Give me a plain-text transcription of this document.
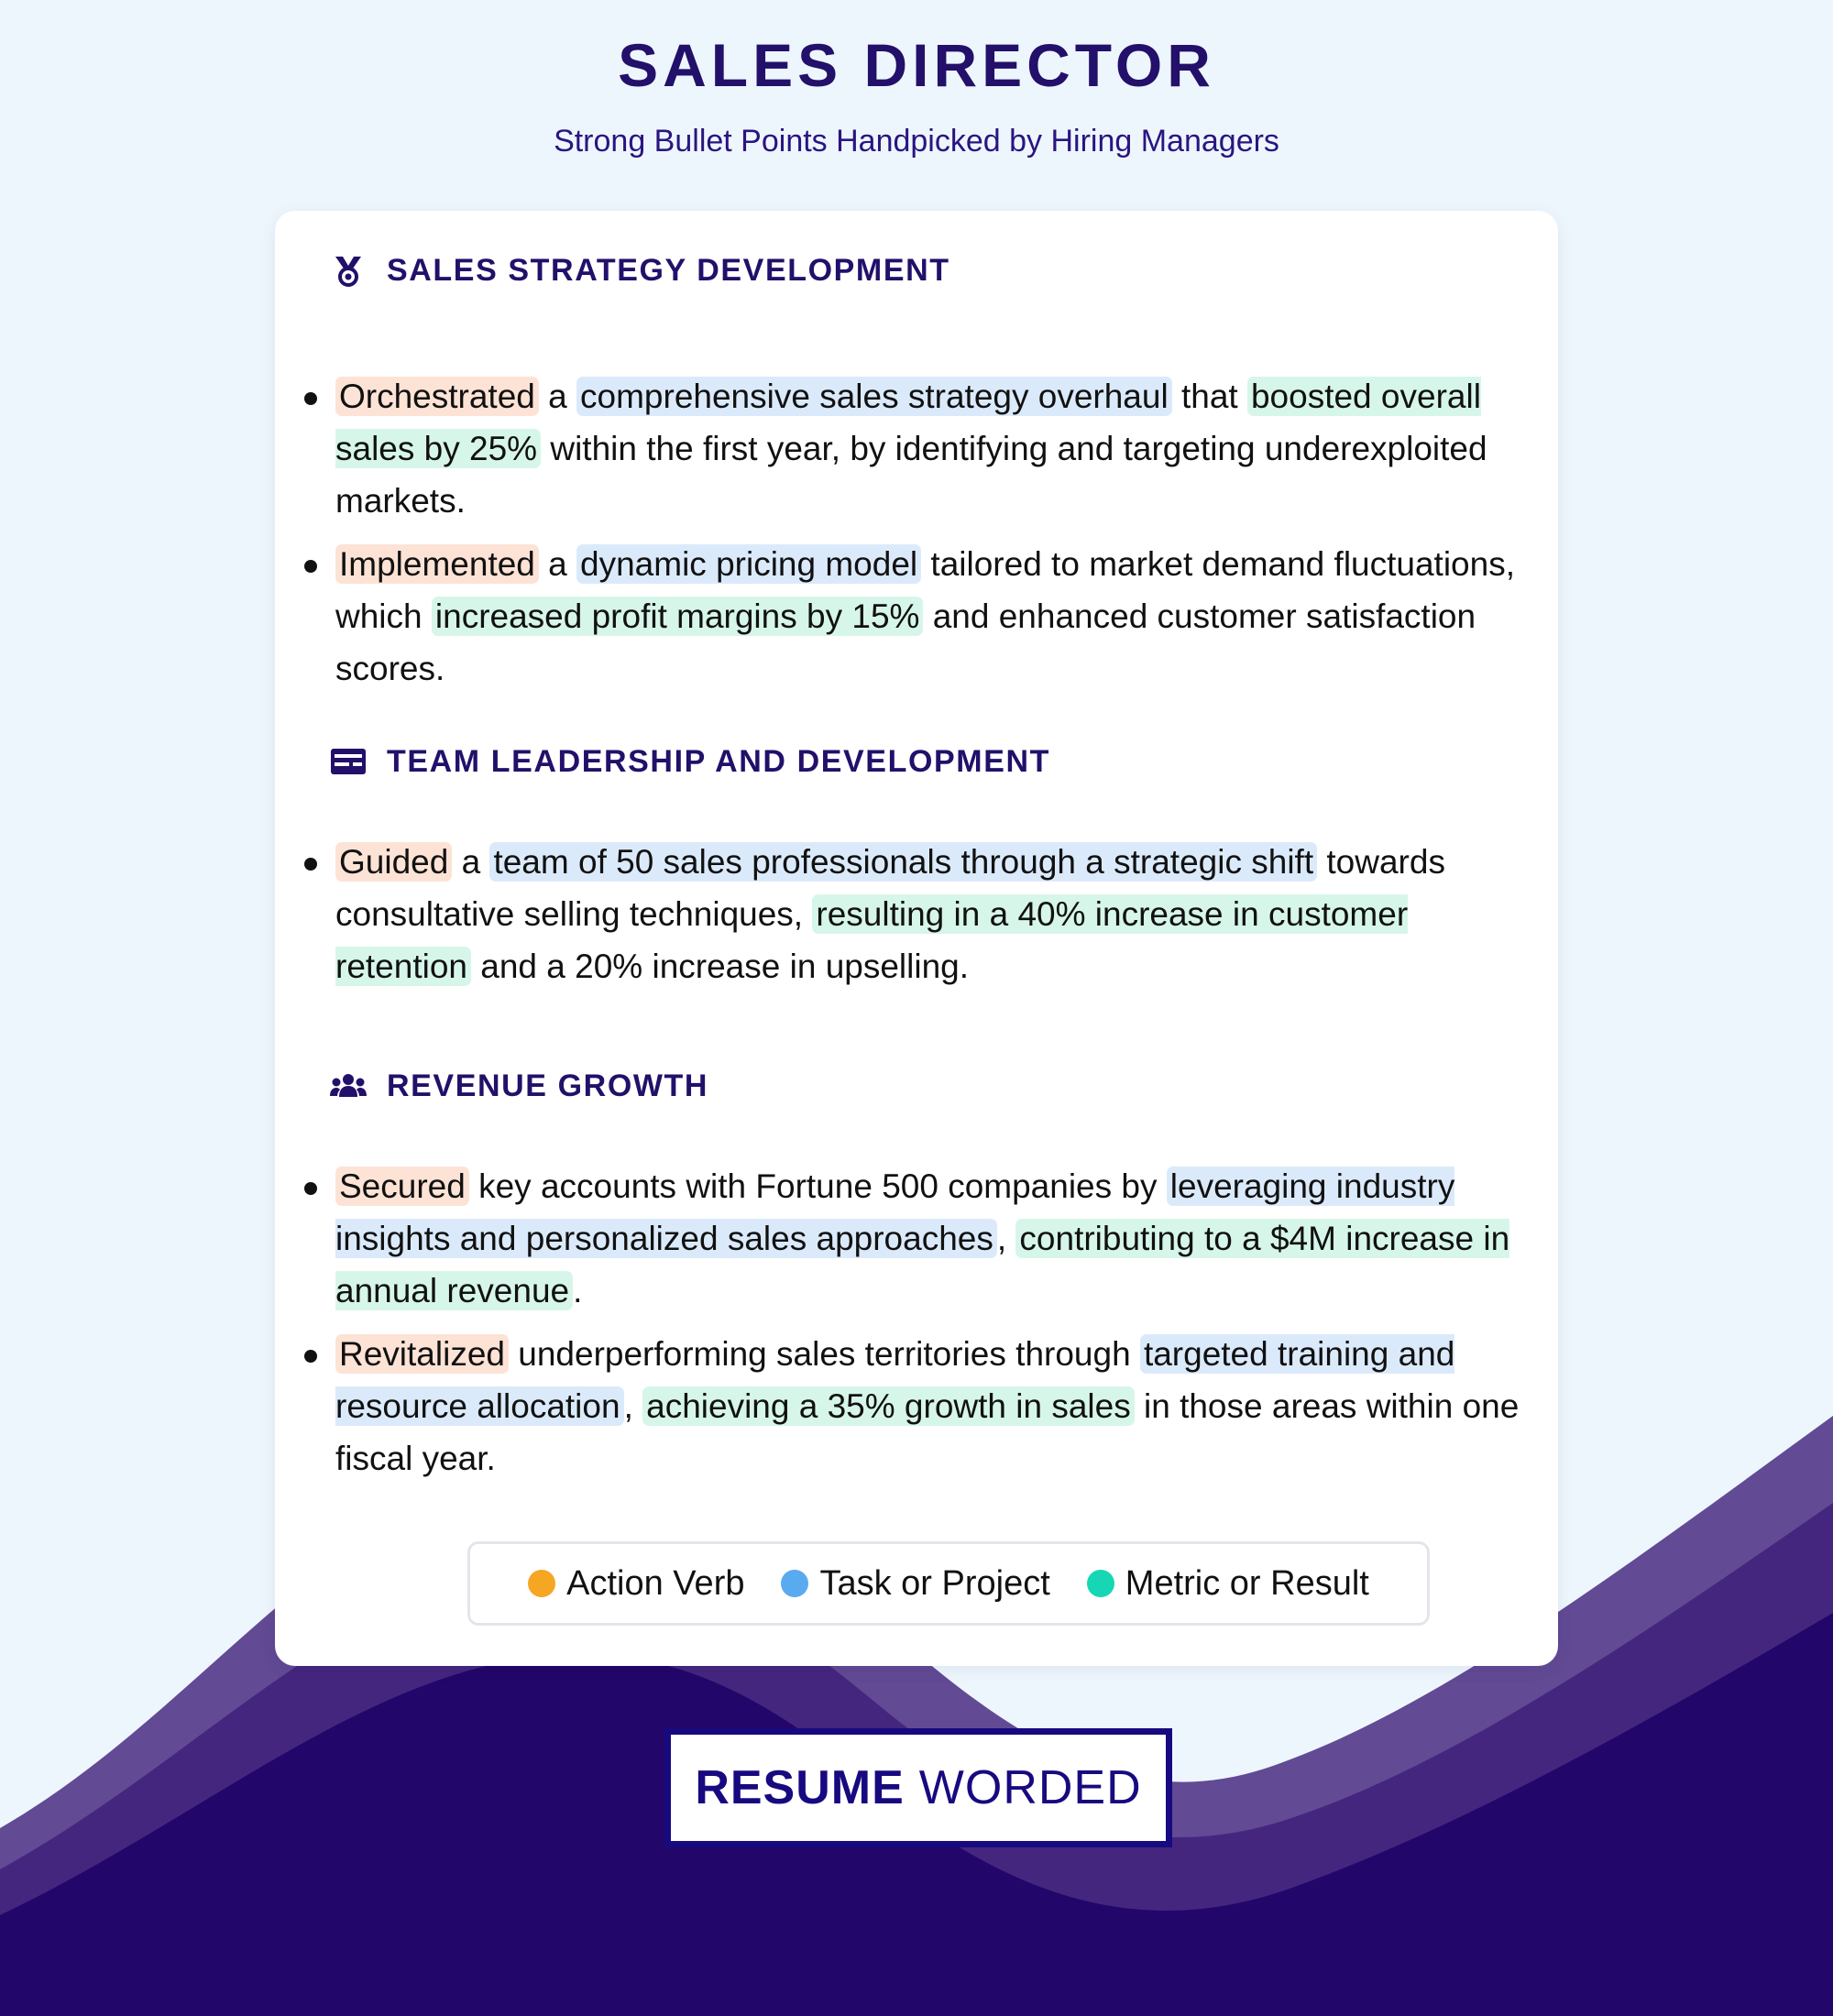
SALES DIRECTOR
Strong Bullet Points Handpicked by Hiring Managers
SALES STRATEGY DEVELOPMENT
Orchestrated a comprehensive sales strategy overhaul that boosted overall sales by 25% within the first year, by identifying and targeting underexploited markets.
Implemented a dynamic pricing model tailored to market demand fluctuations, which increased profit margins by 15% and enhanced customer satisfaction scores.
TEAM LEADERSHIP AND DEVELOPMENT
Guided a team of 50 sales professionals through a strategic shift towards consultative selling techniques, resulting in a 40% increase in customer retention and a 20% increase in upselling.
REVENUE GROWTH
Secured key accounts with Fortune 500 companies by leveraging industry insights and personalized sales approaches , contributing to a $4M increase in annual revenue .
Revitalized underperforming sales territories through targeted training and resource allocation , achieving a 35% growth in sales in those areas within one fiscal year.
Action Verb Task or Project Metric or Result
RESUME WORDED
